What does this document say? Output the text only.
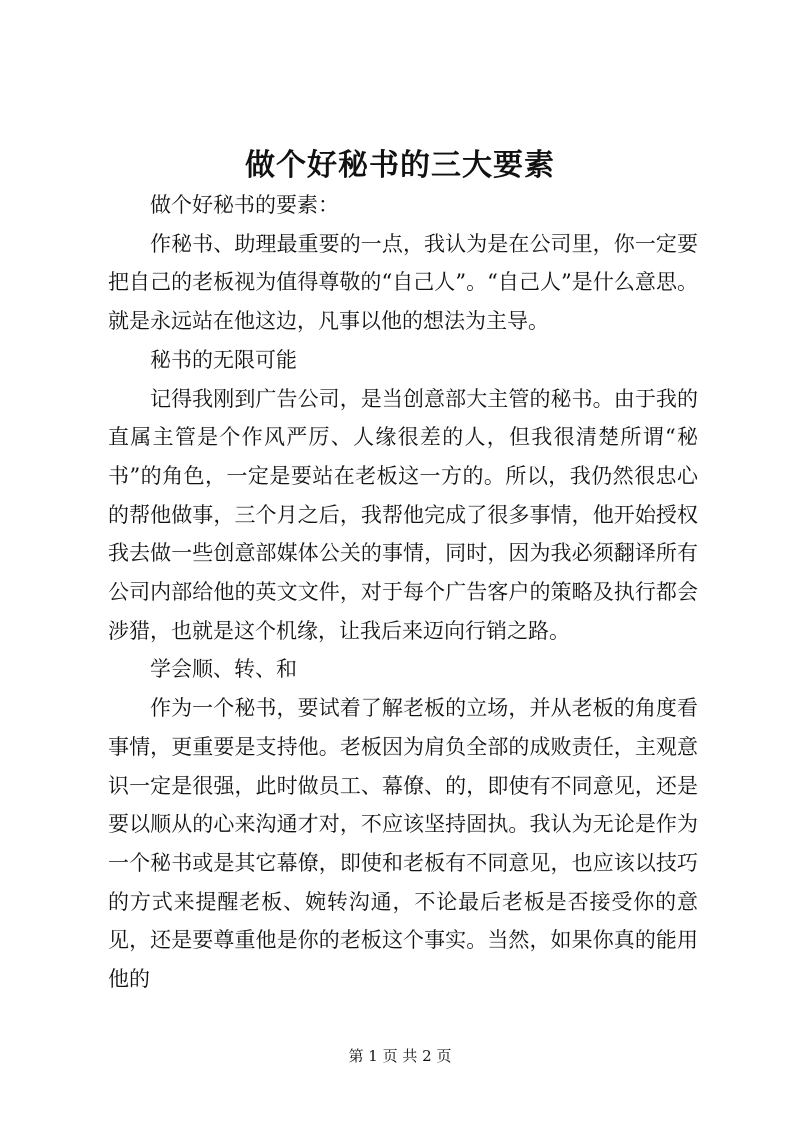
做个好秘书的三大要素

做个好秘书的要素：

作秘书、助理最重要的一点，我认为是在公司里，你一定要把自己的老板视为值得尊敬的“自己人”。“自己人”是什么意思。就是永远站在他这边，凡事以他的想法为主导。

秘书的无限可能

记得我刚到广告公司，是当创意部大主管的秘书。由于我的直属主管是个作风严厉、人缘很差的人，但我很清楚所谓“秘书”的角色，一定是要站在老板这一方的。所以，我仍然很忠心的帮他做事，三个月之后，我帮他完成了很多事情，他开始授权我去做一些创意部媒体公关的事情，同时，因为我必须翻译所有公司内部给他的英文文件，对于每个广告客户的策略及执行都会涉猎，也就是这个机缘，让我后来迈向行销之路。

学会顺、转、和

作为一个秘书，要试着了解老板的立场，并从老板的角度看事情，更重要是支持他。老板因为肩负全部的成败责任，主观意识一定是很强，此时做员工、幕僚、的，即使有不同意见，还是要以顺从的心来沟通才对，不应该坚持固执。我认为无论是作为一个秘书或是其它幕僚，即使和老板有不同意见，也应该以技巧的方式来提醒老板、婉转沟通，不论最后老板是否接受你的意见，还是要尊重他是你的老板这个事实。当然，如果你真的能用他的

第 1 页 共 2 页
